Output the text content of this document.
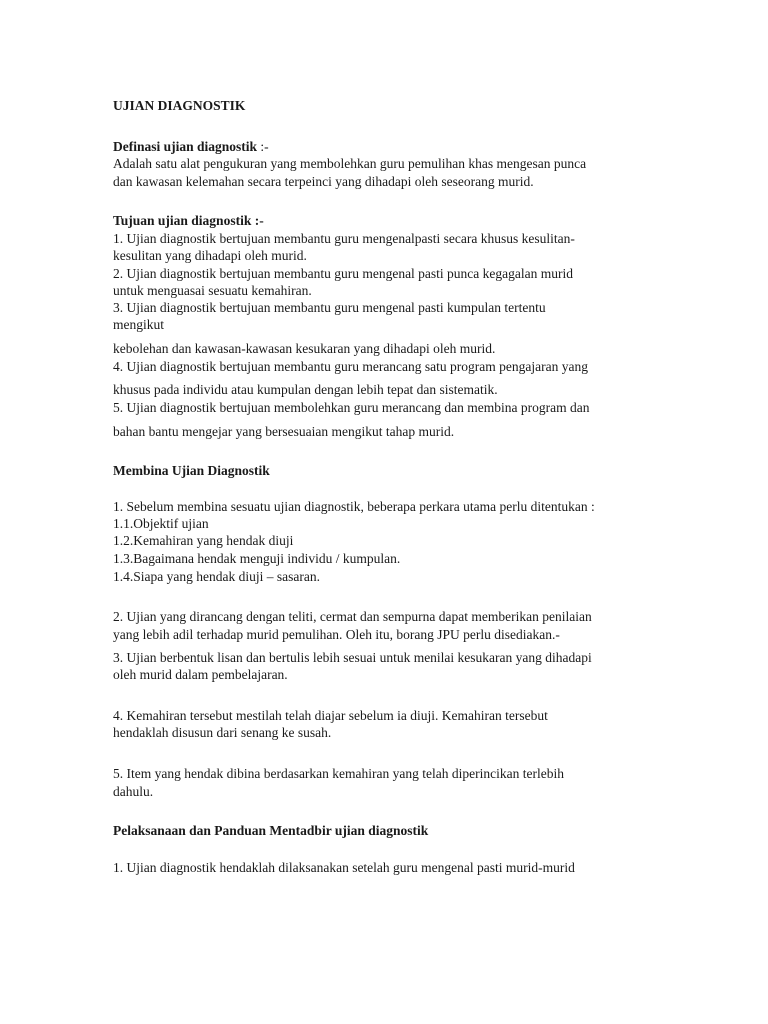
UJIAN DIAGNOSTIK
Definasi ujian diagnostik :-
Adalah satu alat pengukuran yang membolehkan guru pemulihan khas mengesan punca
dan kawasan kelemahan secara terpeinci yang dihadapi oleh seseorang murid.
Tujuan ujian diagnostik :-
1. Ujian diagnostik bertujuan membantu guru mengenalpasti secara khusus kesulitan-
kesulitan yang dihadapi oleh murid.
2. Ujian diagnostik bertujuan membantu guru mengenal pasti punca kegagalan murid
untuk menguasai sesuatu kemahiran.
3. Ujian diagnostik bertujuan membantu guru mengenal pasti kumpulan tertentu
mengikut
kebolehan dan kawasan-kawasan kesukaran yang dihadapi oleh murid.
4. Ujian diagnostik bertujuan membantu guru merancang satu program pengajaran yang
khusus pada individu atau kumpulan dengan lebih tepat dan sistematik.
5. Ujian diagnostik bertujuan membolehkan guru merancang dan membina program dan
bahan bantu mengejar yang bersesuaian mengikut tahap murid.
Membina Ujian Diagnostik
1. Sebelum membina sesuatu ujian diagnostik, beberapa perkara utama perlu ditentukan :
1.1.Objektif ujian
1.2.Kemahiran yang hendak diuji
1.3.Bagaimana hendak menguji individu / kumpulan.
1.4.Siapa yang hendak diuji – sasaran.
2. Ujian yang dirancang dengan teliti, cermat dan sempurna dapat memberikan penilaian
yang lebih adil terhadap murid pemulihan. Oleh itu, borang JPU perlu disediakan.-
3. Ujian berbentuk lisan dan bertulis lebih sesuai untuk menilai kesukaran yang dihadapi
oleh murid dalam pembelajaran.
4. Kemahiran tersebut mestilah telah diajar sebelum ia diuji. Kemahiran tersebut
hendaklah disusun dari senang ke susah.
5. Item yang hendak dibina berdasarkan kemahiran yang telah diperincikan terlebih
dahulu.
Pelaksanaan dan Panduan Mentadbir ujian diagnostik
1. Ujian diagnostik hendaklah dilaksanakan setelah guru mengenal pasti murid-murid
